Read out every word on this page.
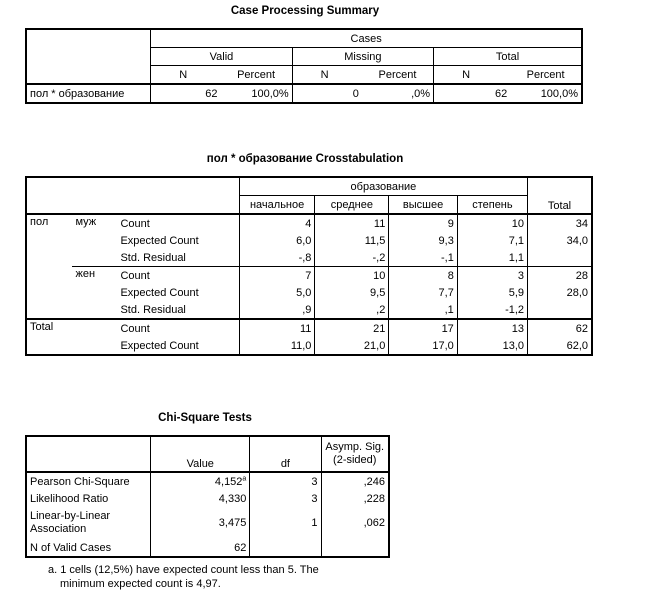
Case Processing Summary
	Cases					
	Valid		Missing		Total	
	N	Percent	N	Percent	N	Percent
пол * образование	62	100,0%	0	,0%	62	100,0%
пол * образование Crosstabulation
			образование				Total
			начальное	среднее	высшее	степень	
пол	муж	Count	4	11	9	10	34
		Expected Count	6,0	11,5	9,3	7,1	34,0
		Std. Residual	-,8	-,2	-,1	1,1	
	жен	Count	7	10	8	3	28
		Expected Count	5,0	9,5	7,7	5,9	28,0
		Std. Residual	,9	,2	,1	-1,2	
Total		Count	11	21	17	13	62
		Expected Count	11,0	21,0	17,0	13,0	62,0
Chi-Square Tests
	Value	df	Asymp. Sig.
(2-sided)
Pearson Chi-Square	4,152$^a$	3	,246
Likelihood Ratio	4,330	3	,228
Linear-by-Linear
Association	3,475	1	,062
N of Valid Cases	62		
a. 1 cells (12,5%) have expected count less than 5. The
minimum expected count is 4,97.
